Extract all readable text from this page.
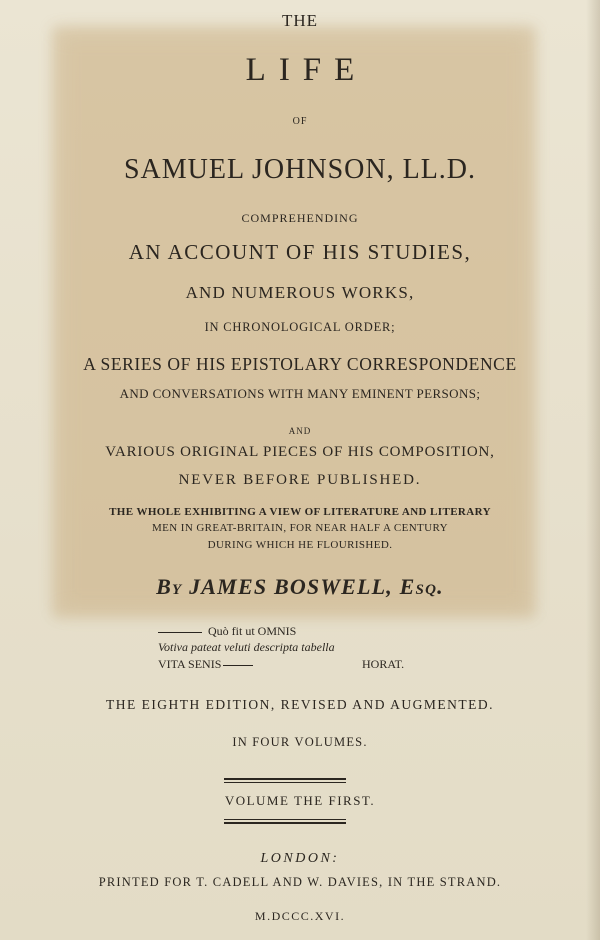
THE

LIFE

OF

SAMUEL JOHNSON, LL.D.

COMPREHENDING

AN ACCOUNT OF HIS STUDIES,

AND NUMEROUS WORKS,

IN CHRONOLOGICAL ORDER;

A SERIES OF HIS EPISTOLARY CORRESPONDENCE

AND CONVERSATIONS WITH MANY EMINENT PERSONS;

AND

VARIOUS ORIGINAL PIECES OF HIS COMPOSITION,

NEVER BEFORE PUBLISHED.

THE WHOLE EXHIBITING A VIEW OF LITERATURE AND LITERARY

MEN IN GREAT-BRITAIN, FOR NEAR HALF A CENTURY

DURING WHICH HE FLOURISHED.

By JAMES BOSWELL, Esq.

Quò fit ut OMNIS

Votiva pateat veluti descripta tabella

VITA SENIS	HORAT.

THE EIGHTH EDITION, REVISED AND AUGMENTED.

IN FOUR VOLUMES.

VOLUME THE FIRST.

LONDON:

PRINTED FOR T. CADELL AND W. DAVIES, IN THE STRAND.

M.DCCC.XVI.
